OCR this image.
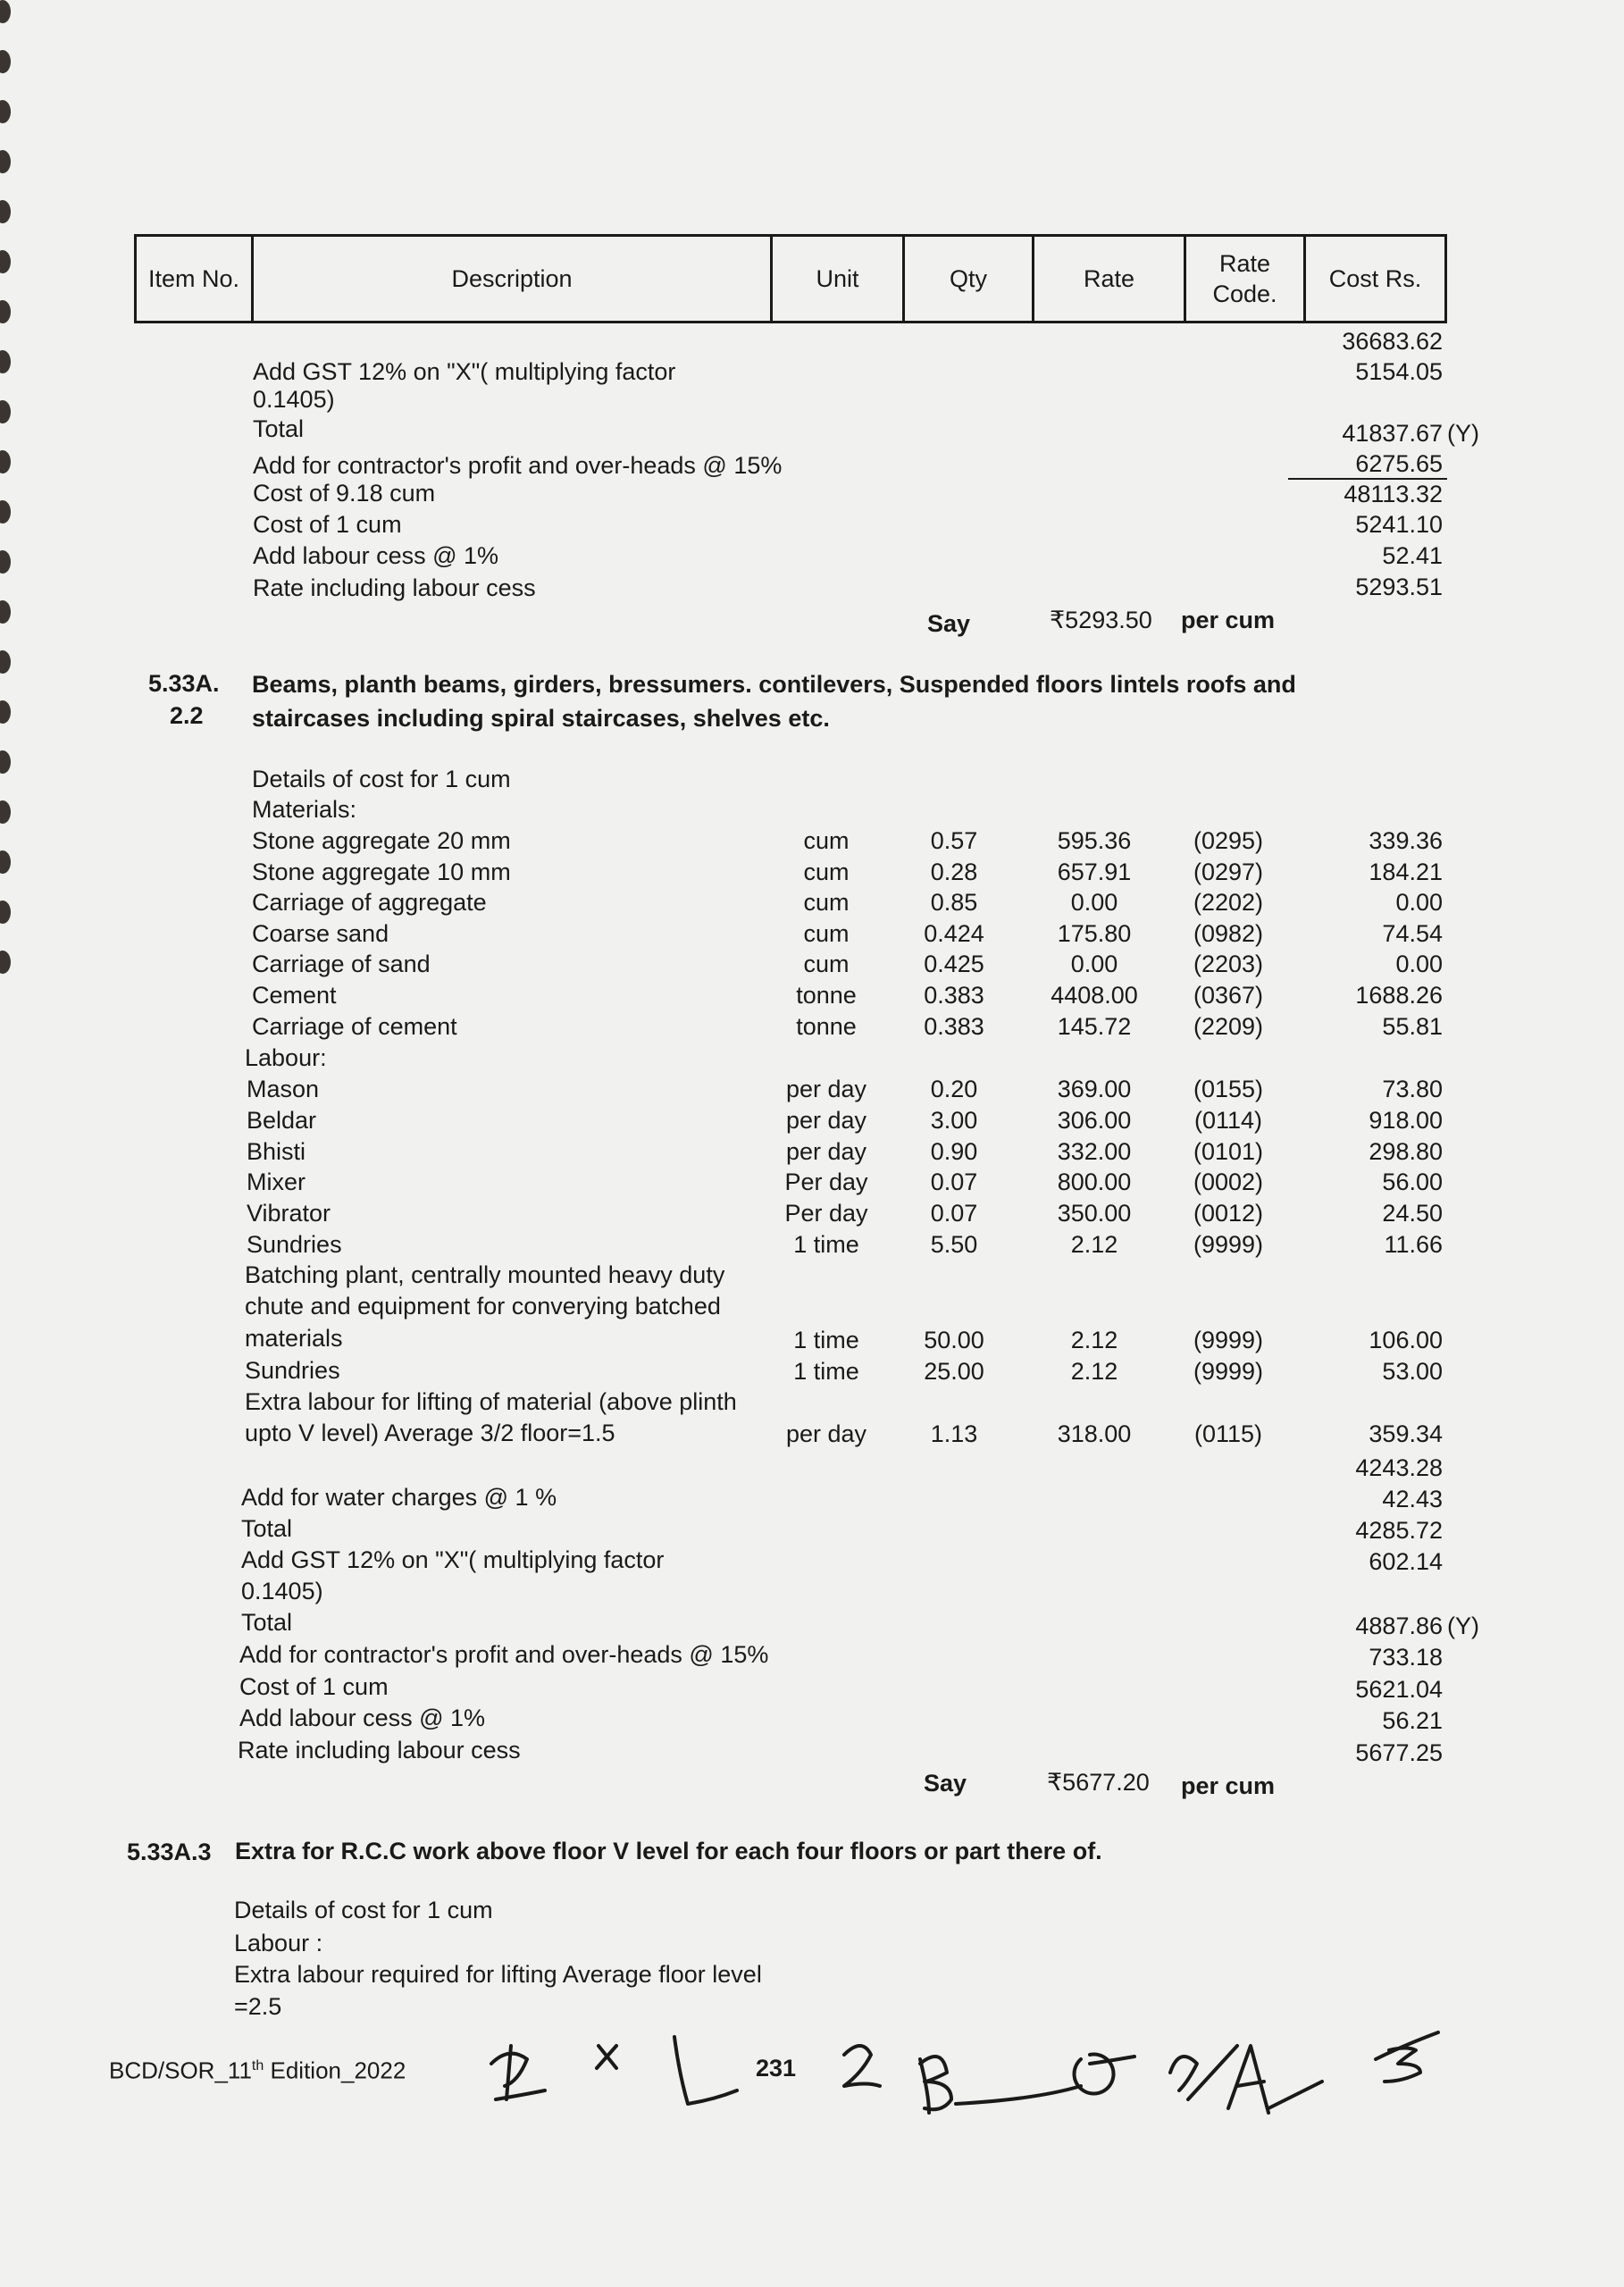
Item No.	Description	Unit	Qty	Rate	Rate Code.	Cost Rs.
36683.62
Add GST 12% on "X"( multiplying factor
0.1405)
5154.05
Total	41837.67 (Y)
Add for contractor's profit and over-heads @ 15%	6275.65
Cost of 9.18 cum	48113.32
Cost of 1 cum	5241.10
Add labour cess @ 1%	52.41
Rate including labour cess	5293.51
Say	₹5293.50 per cum
5.33A.
2.2
Beams, planth beams, girders, bressumers. contilevers, Suspended floors lintels roofs and
staircases including spiral staircases, shelves etc.
Details of cost for 1 cum
Materials:
Stone aggregate 20 mm	cum	0.57	595.36	(0295)	339.36
Stone aggregate 10 mm	cum	0.28	657.91	(0297)	184.21
Carriage of aggregate	cum	0.85	0.00	(2202)	0.00
Coarse sand	cum	0.424	175.80	(0982)	74.54
Carriage of sand	cum	0.425	0.00	(2203)	0.00
Cement	tonne	0.383	4408.00	(0367)	1688.26
Carriage of cement	tonne	0.383	145.72	(2209)	55.81
Labour:
Mason	per day	0.20	369.00	(0155)	73.80
Beldar	per day	3.00	306.00	(0114)	918.00
Bhisti	per day	0.90	332.00	(0101)	298.80
Mixer	Per day	0.07	800.00	(0002)	56.00
Vibrator	Per day	0.07	350.00	(0012)	24.50
Sundries	1 time	5.50	2.12	(9999)	11.66
Batching plant, centrally mounted heavy duty
chute and equipment for converying batched
materials	1 time	50.00	2.12	(9999)	106.00
Sundries	1 time	25.00	2.12	(9999)	53.00
Extra labour for lifting of material (above plinth
upto V level) Average 3/2 floor=1.5	per day	1.13	318.00	(0115)	359.34
4243.28
Add for water charges @ 1 %	42.43
Total	4285.72
Add GST 12% on "X"( multiplying factor
0.1405)
602.14
Total	4887.86 (Y)
Add for contractor's profit and over-heads @ 15%	733.18
Cost of 1 cum	5621.04
Add labour cess @ 1%	56.21
Rate including labour cess	5677.25
Say	₹5677.20 per cum
5.33A.3 Extra for R.C.C work above floor V level for each four floors or part there of.
Details of cost for 1 cum
Labour :
Extra labour required for lifting Average floor level
=2.5
BCD/SOR_11th Edition_2022	231
